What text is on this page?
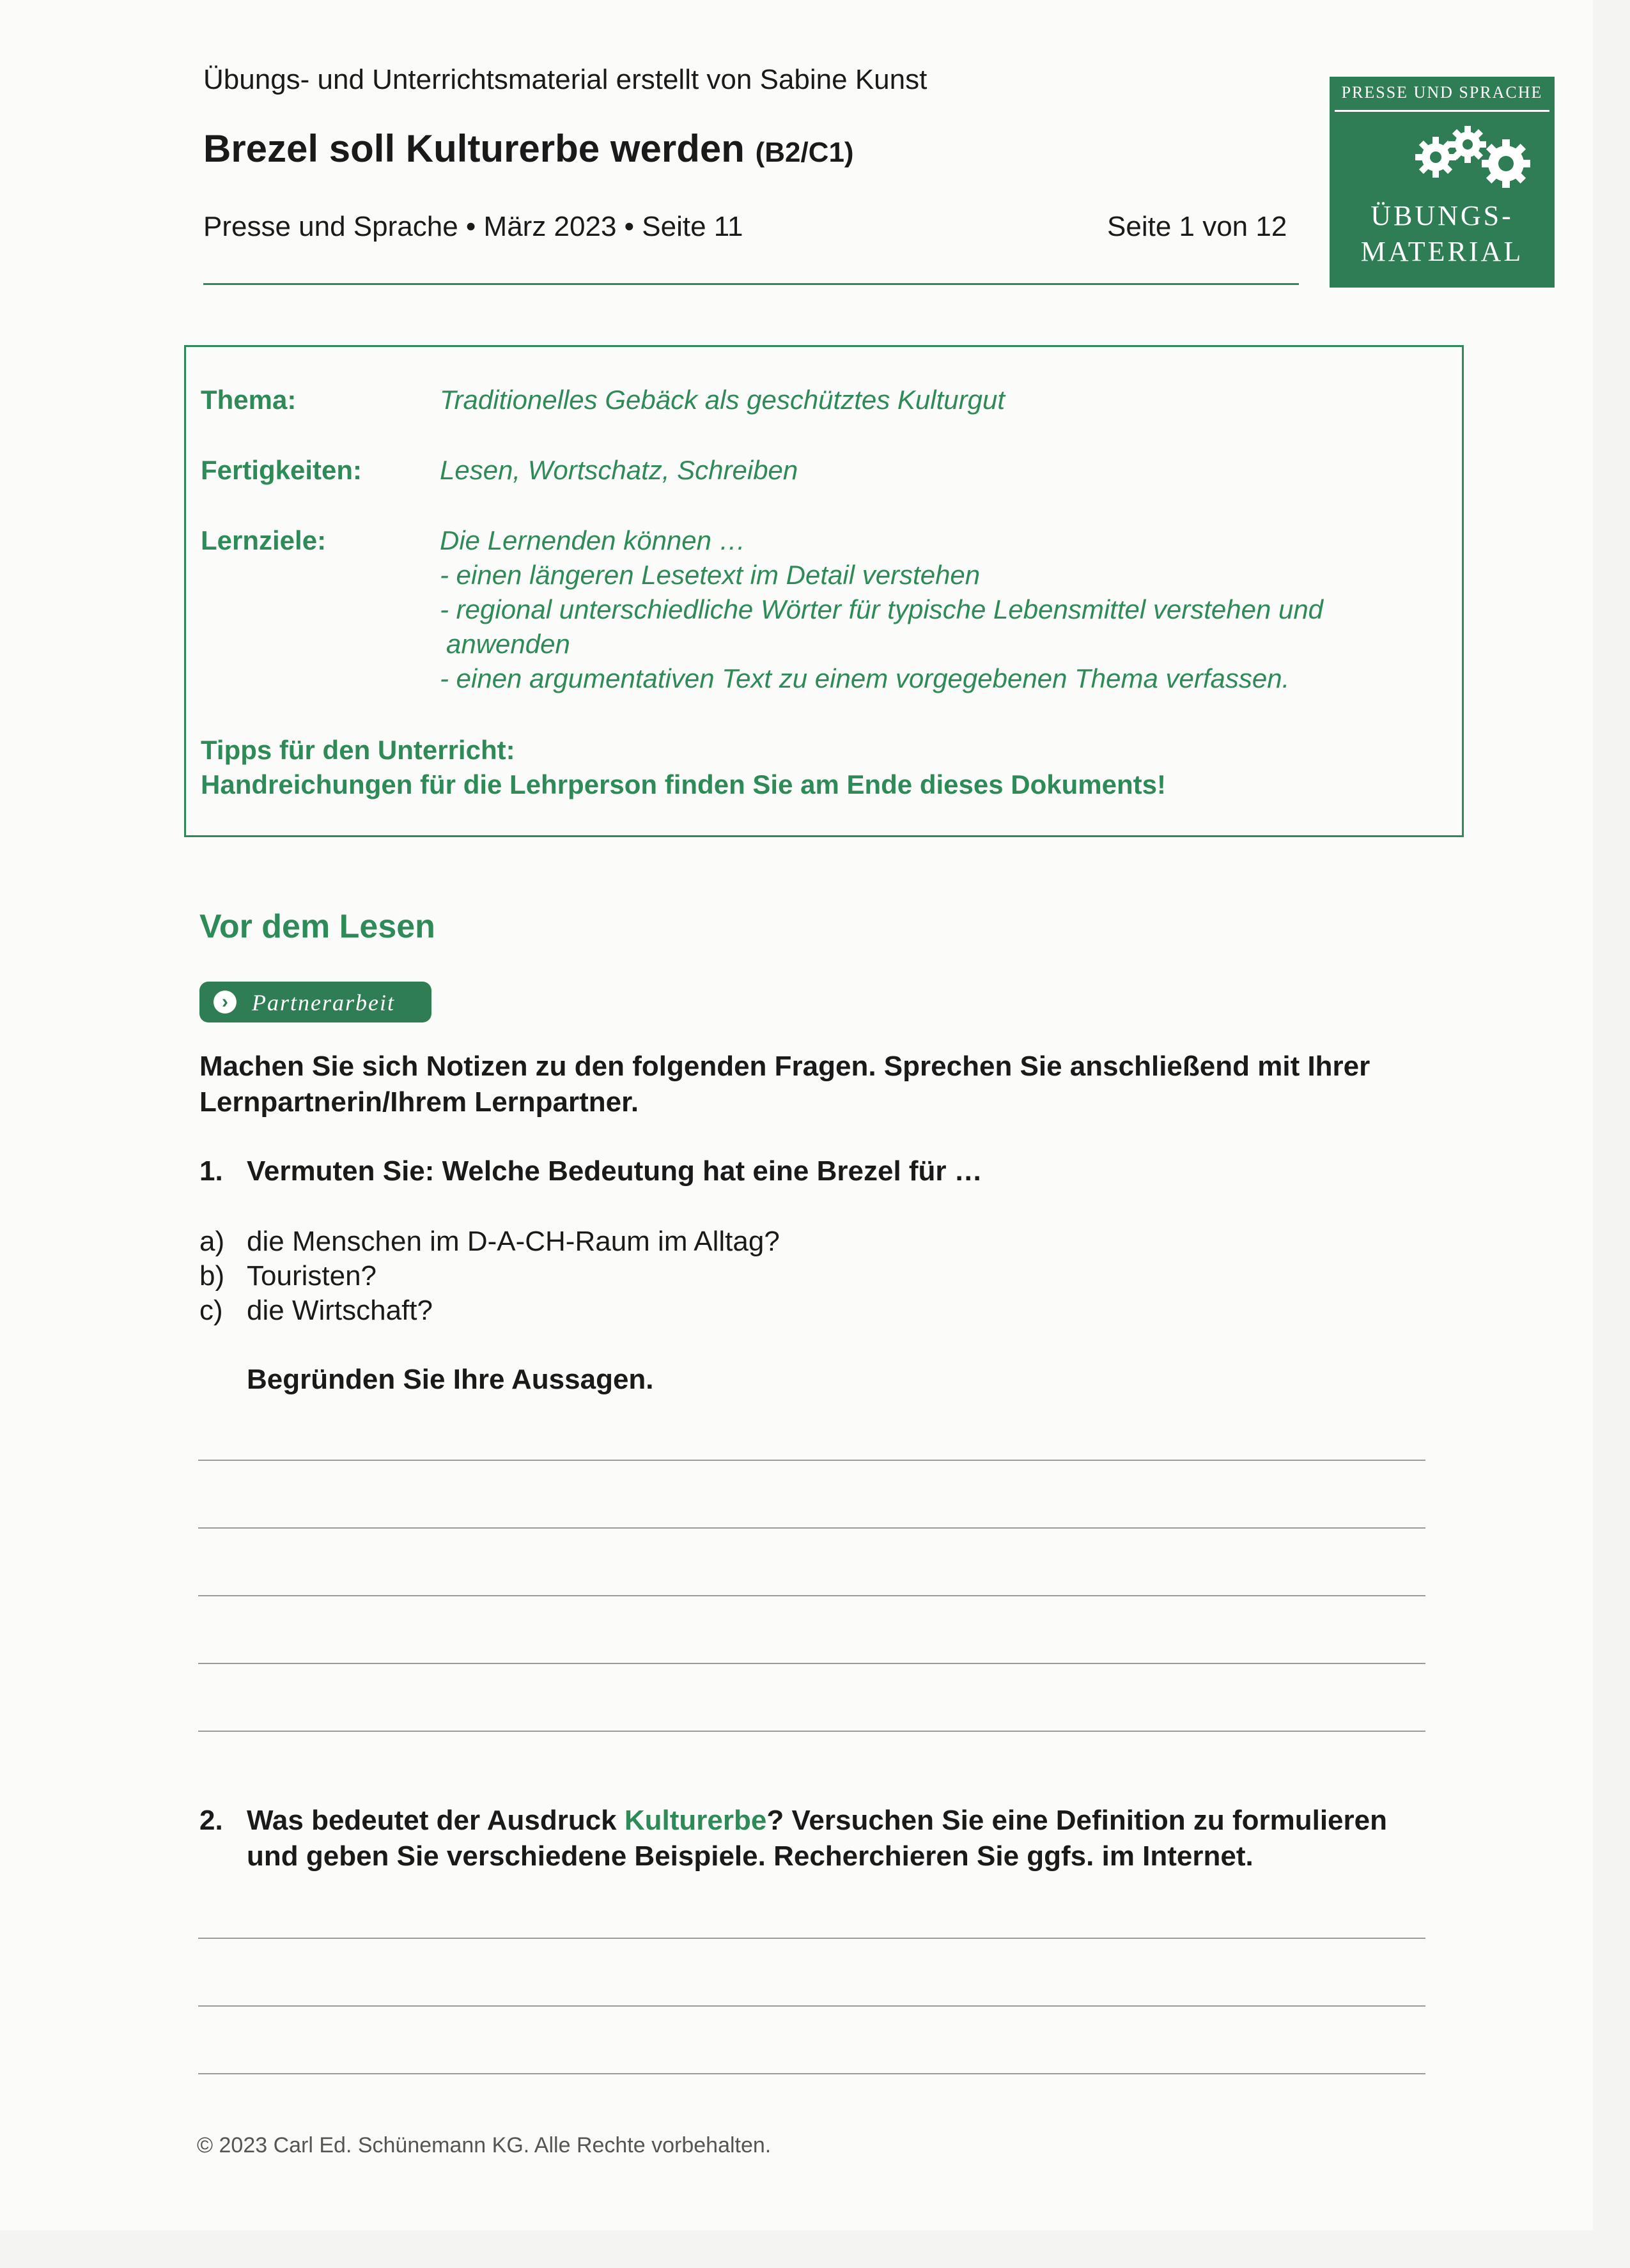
Übungs- und Unterrichtsmaterial erstellt von Sabine Kunst
Brezel soll Kulturerbe werden (B2/C1)
Presse und Sprache • März 2023 • Seite 11	Seite 1 von 12
PRESSE UND SPRACHE
ÜBUNGS-
MATERIAL
Thema:	Traditionelles Gebäck als geschütztes Kulturgut
Fertigkeiten:	Lesen, Wortschatz, Schreiben
Lernziele:	Die Lernenden können …
- einen längeren Lesetext im Detail verstehen
- regional unterschiedliche Wörter für typische Lebensmittel verstehen und
anwenden
- einen argumentativen Text zu einem vorgegebenen Thema verfassen.
Tipps für den Unterricht:
Handreichungen für die Lehrperson finden Sie am Ende dieses Dokuments!
Vor dem Lesen
›	Partnerarbeit
Machen Sie sich Notizen zu den folgenden Fragen. Sprechen Sie anschließend mit Ihrer
Lernpartnerin/Ihrem Lernpartner.
1. Vermuten Sie: Welche Bedeutung hat eine Brezel für …
a) die Menschen im D-A-CH-Raum im Alltag?
b) Touristen?
c) die Wirtschaft?
Begründen Sie Ihre Aussagen.
2. Was bedeutet der Ausdruck Kulturerbe? Versuchen Sie eine Definition zu formulieren
und geben Sie verschiedene Beispiele. Recherchieren Sie ggfs. im Internet.
© 2023 Carl Ed. Schünemann KG. Alle Rechte vorbehalten.
